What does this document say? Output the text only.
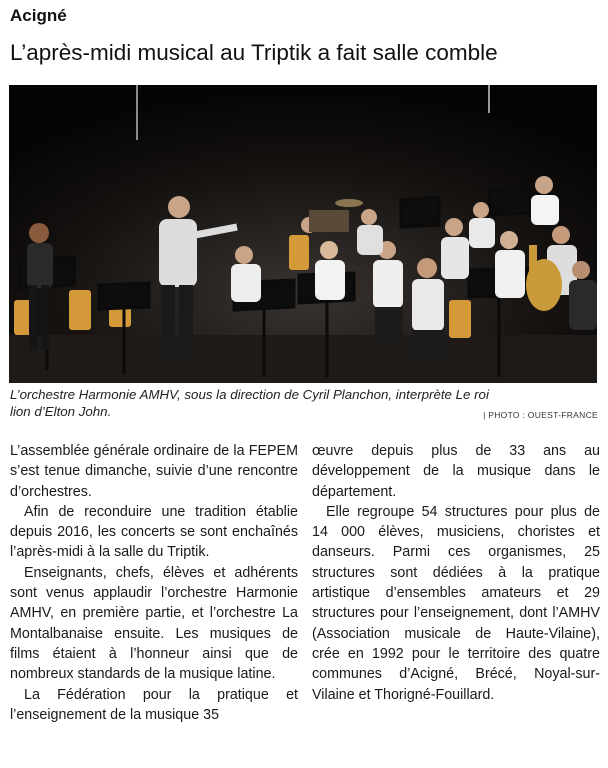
Acigné
L’après-midi musical au Triptik a fait salle comble
L’orchestre Harmonie AMHV, sous la direction de Cyril Planchon, interprète Le roi
lion d’Elton John.	| PHOTO : OUEST-FRANCE

L’assemblée générale ordinaire de la FEPEM s’est tenue dimanche, suivie d’une rencontre d’orchestres.

Afin de reconduire une tradition établie depuis 2016, les concerts se sont enchaînés l’après-midi à la salle du Triptik.

Enseignants, chefs, élèves et adhérents sont venus applaudir l’orchestre Harmonie AMHV, en première partie, et l’orchestre La Montalbanaise ensuite. Les musiques de films étaient à l’honneur ainsi que de nombreux standards de la musique latine.

La Fédération pour la pratique et l’enseignement de la musique 35

œuvre depuis plus de 33 ans au développement de la musique dans le département.

Elle regroupe 54 structures pour plus de 14 000 élèves, musiciens, choristes et danseurs. Parmi ces organismes, 25 structures sont dédiées à la pratique artistique d’ensembles amateurs et 29 structures pour l’enseignement, dont l’AMHV (Association musicale de Haute-Vilaine), crée en 1992 pour le territoire des quatre communes d’Acigné, Brécé, Noyal-sur-Vilaine et Thorigné-Fouillard.
